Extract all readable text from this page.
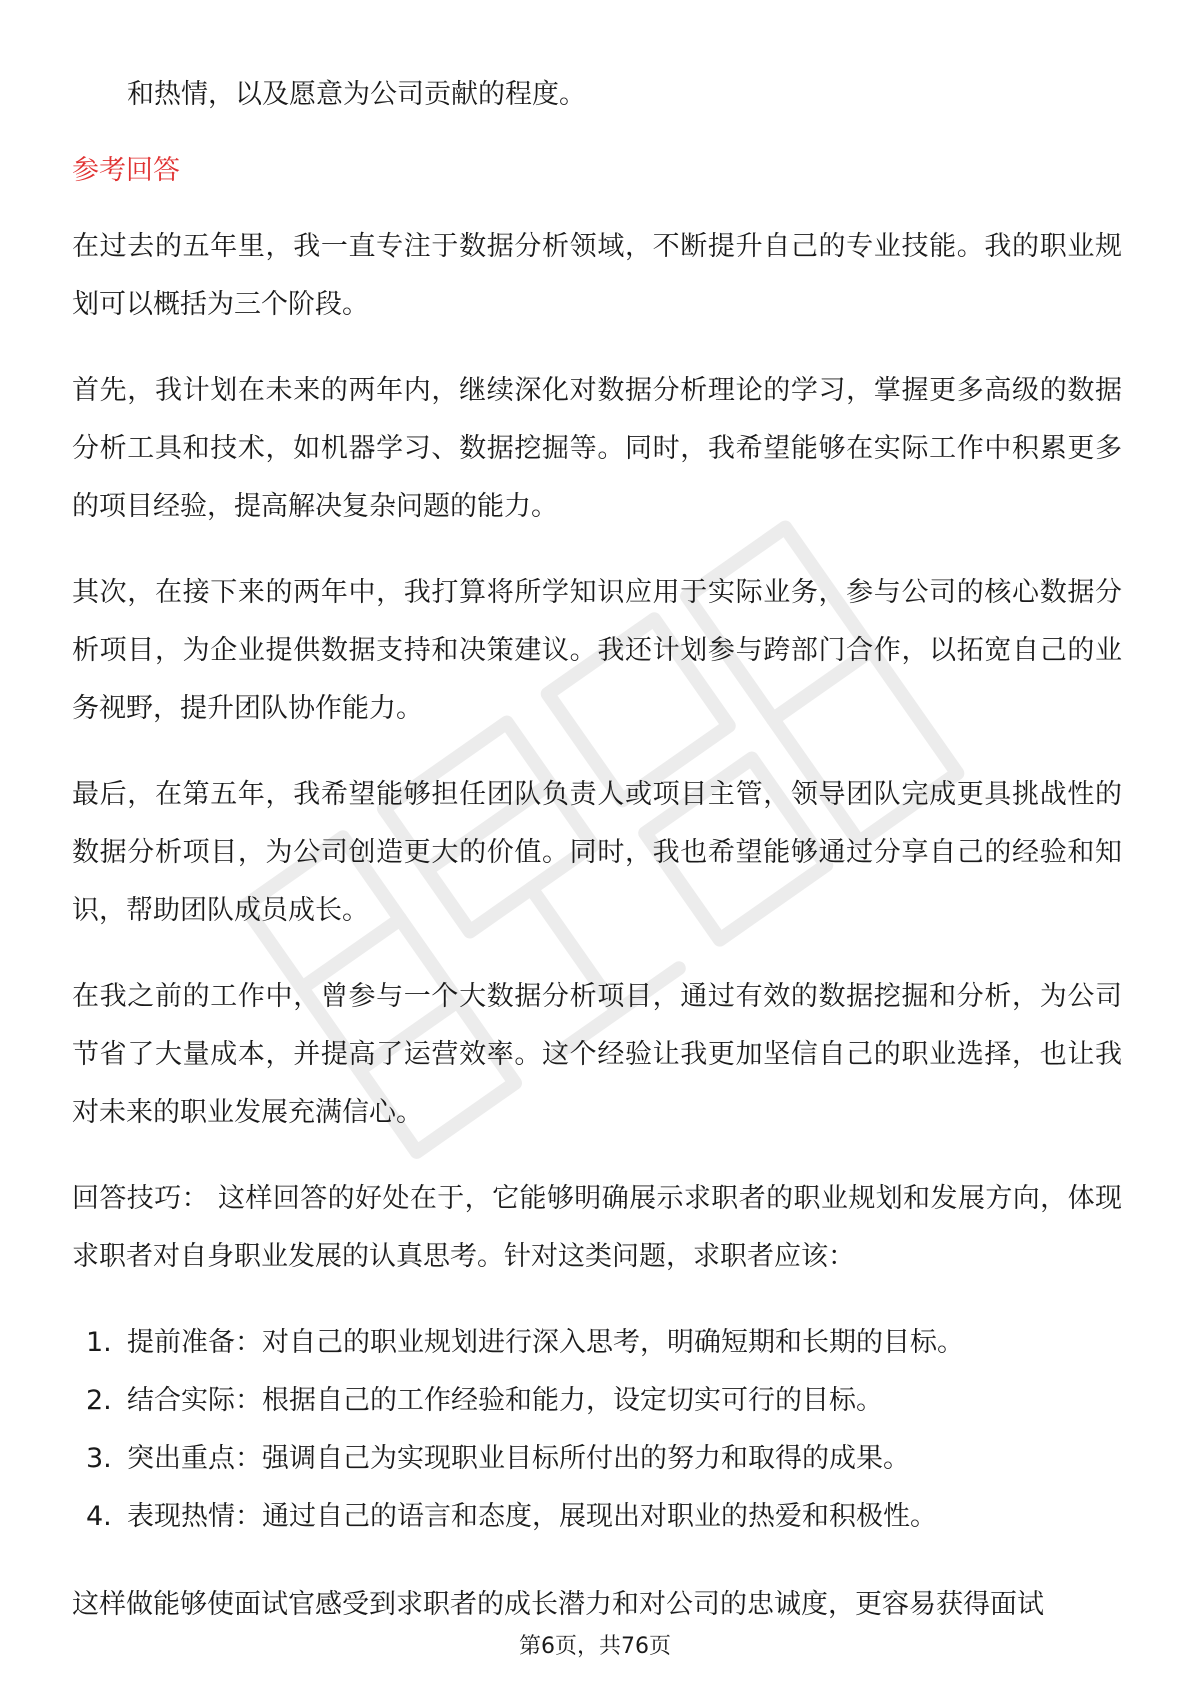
和热情，以及愿意为公司贡献的程度。
参考回答

在过去的五年里，我一直专注于数据分析领域，不断提升自己的专业技能。我的职业规划可以概括为三个阶段。

首先，我计划在未来的两年内，继续深化对数据分析理论的学习，掌握更多高级的数据分析工具和技术，如机器学习、数据挖掘等。同时，我希望能够在实际工作中积累更多的项目经验，提高解决复杂问题的能力。

其次，在接下来的两年中，我打算将所学知识应用于实际业务，参与公司的核心数据分析项目，为企业提供数据支持和决策建议。我还计划参与跨部门合作，以拓宽自己的业务视野，提升团队协作能力。

最后，在第五年，我希望能够担任团队负责人或项目主管，领导团队完成更具挑战性的数据分析项目，为公司创造更大的价值。同时，我也希望能够通过分享自己的经验和知识，帮助团队成员成长。

在我之前的工作中，曾参与一个大数据分析项目，通过有效的数据挖掘和分析，为公司节省了大量成本，并提高了运营效率。这个经验让我更加坚信自己的职业选择，也让我对未来的职业发展充满信心。

回答技巧： 这样回答的好处在于，它能够明确展示求职者的职业规划和发展方向，体现求职者对自身职业发展的认真思考。针对这类问题，求职者应该：

1. 提前准备：对自己的职业规划进行深入思考，明确短期和长期的目标。
2. 结合实际：根据自己的工作经验和能力，设定切实可行的目标。
3. 突出重点：强调自己为实现职业目标所付出的努力和取得的成果。
4. 表现热情：通过自己的语言和态度，展现出对职业的热爱和积极性。

这样做能够使面试官感受到求职者的成长潜力和对公司的忠诚度，更容易获得面试

第6页，共76页
